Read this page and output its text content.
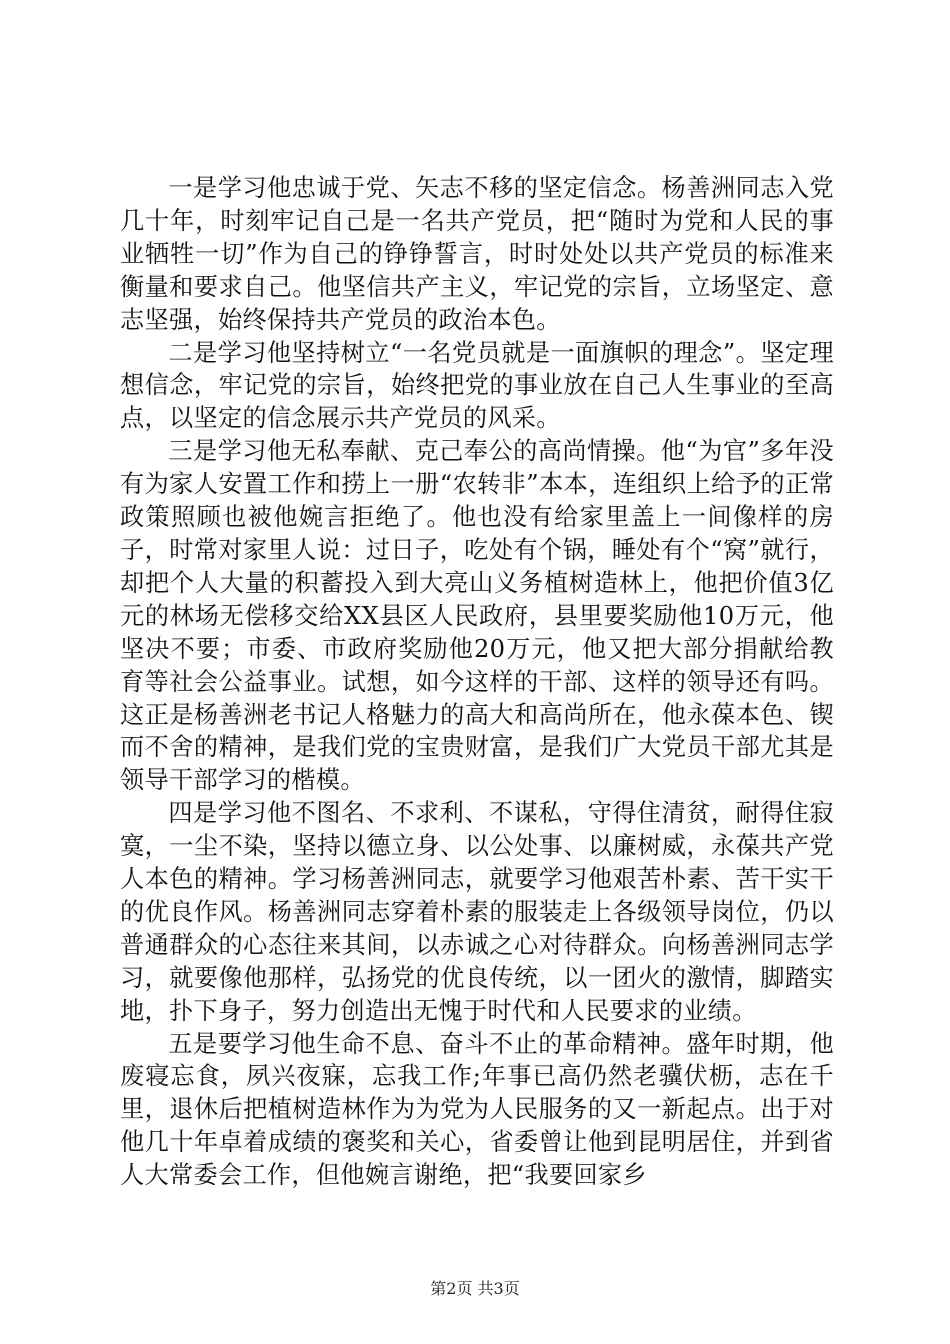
一是学习他忠诚于党、矢志不移的坚定信念。杨善洲同志入党几十年，时刻牢记自己是一名共产党员，把“随时为党和人民的事业牺牲一切”作为自己的铮铮誓言，时时处处以共产党员的标准来衡量和要求自己。他坚信共产主义，牢记党的宗旨，立场坚定、意志坚强，始终保持共产党员的政治本色。

二是学习他坚持树立“一名党员就是一面旗帜的理念”。坚定理想信念，牢记党的宗旨，始终把党的事业放在自己人生事业的至高点，以坚定的信念展示共产党员的风采。

三是学习他无私奉献、克己奉公的高尚情操。他“为官”多年没有为家人安置工作和捞上一册“农转非”本本，连组织上给予的正常政策照顾也被他婉言拒绝了。他也没有给家里盖上一间像样的房子，时常对家里人说：过日子，吃处有个锅，睡处有个“窝”就行，却把个人大量的积蓄投入到大亮山义务植树造林上，他把价值3亿元的林场无偿移交给XX县区人民政府，县里要奖励他10万元，他坚决不要；市委、市政府奖励他20万元，他又把大部分捐献给教育等社会公益事业。试想，如今这样的干部、这样的领导还有吗。这正是杨善洲老书记人格魅力的高大和高尚所在，他永葆本色、锲而不舍的精神，是我们党的宝贵财富，是我们广大党员干部尤其是领导干部学习的楷模。

四是学习他不图名、不求利、不谋私，守得住清贫，耐得住寂寞，一尘不染，坚持以德立身、以公处事、以廉树威，永葆共产党人本色的精神。学习杨善洲同志，就要学习他艰苦朴素、苦干实干的优良作风。杨善洲同志穿着朴素的服装走上各级领导岗位，仍以普通群众的心态往来其间，以赤诚之心对待群众。向杨善洲同志学习，就要像他那样，弘扬党的优良传统，以一团火的激情，脚踏实地，扑下身子，努力创造出无愧于时代和人民要求的业绩。

五是要学习他生命不息、奋斗不止的革命精神。盛年时期，他废寝忘食，夙兴夜寐，忘我工作;年事已高仍然老骥伏枥，志在千里，退休后把植树造林作为为党为人民服务的又一新起点。出于对他几十年卓着成绩的褒奖和关心，省委曾让他到昆明居住，并到省人大常委会工作，但他婉言谢绝，把“我要回家乡

第2页 共3页
